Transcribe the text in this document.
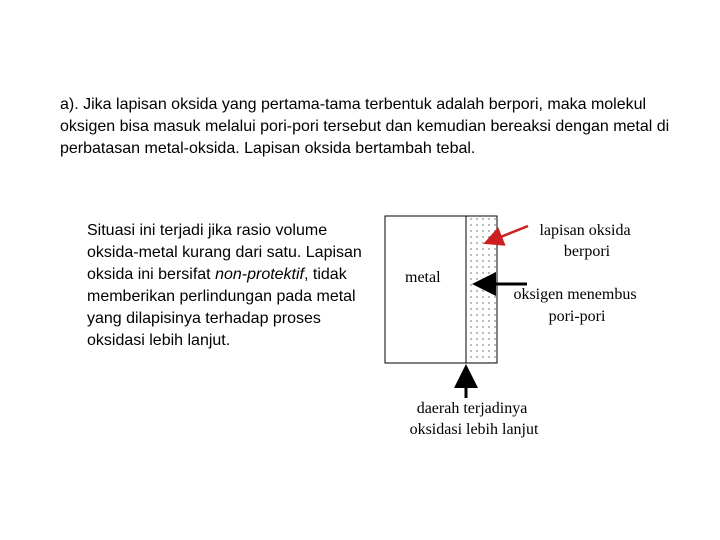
a). Jika lapisan oksida yang pertama-tama terbentuk adalah berpori, maka molekul oksigen bisa masuk melalui pori-pori tersebut dan kemudian bereaksi dengan metal di perbatasan metal-oksida. Lapisan oksida bertambah tebal.

Situasi ini terjadi jika rasio volume oksida-metal kurang dari satu. Lapisan oksida ini bersifat non-protektif, tidak memberikan perlindungan pada metal yang dilapisinya terhadap proses oksidasi lebih lanjut.

metal
lapisan oksida berpori
oksigen menembus pori-pori
daerah terjadinya oksidasi lebih lanjut
